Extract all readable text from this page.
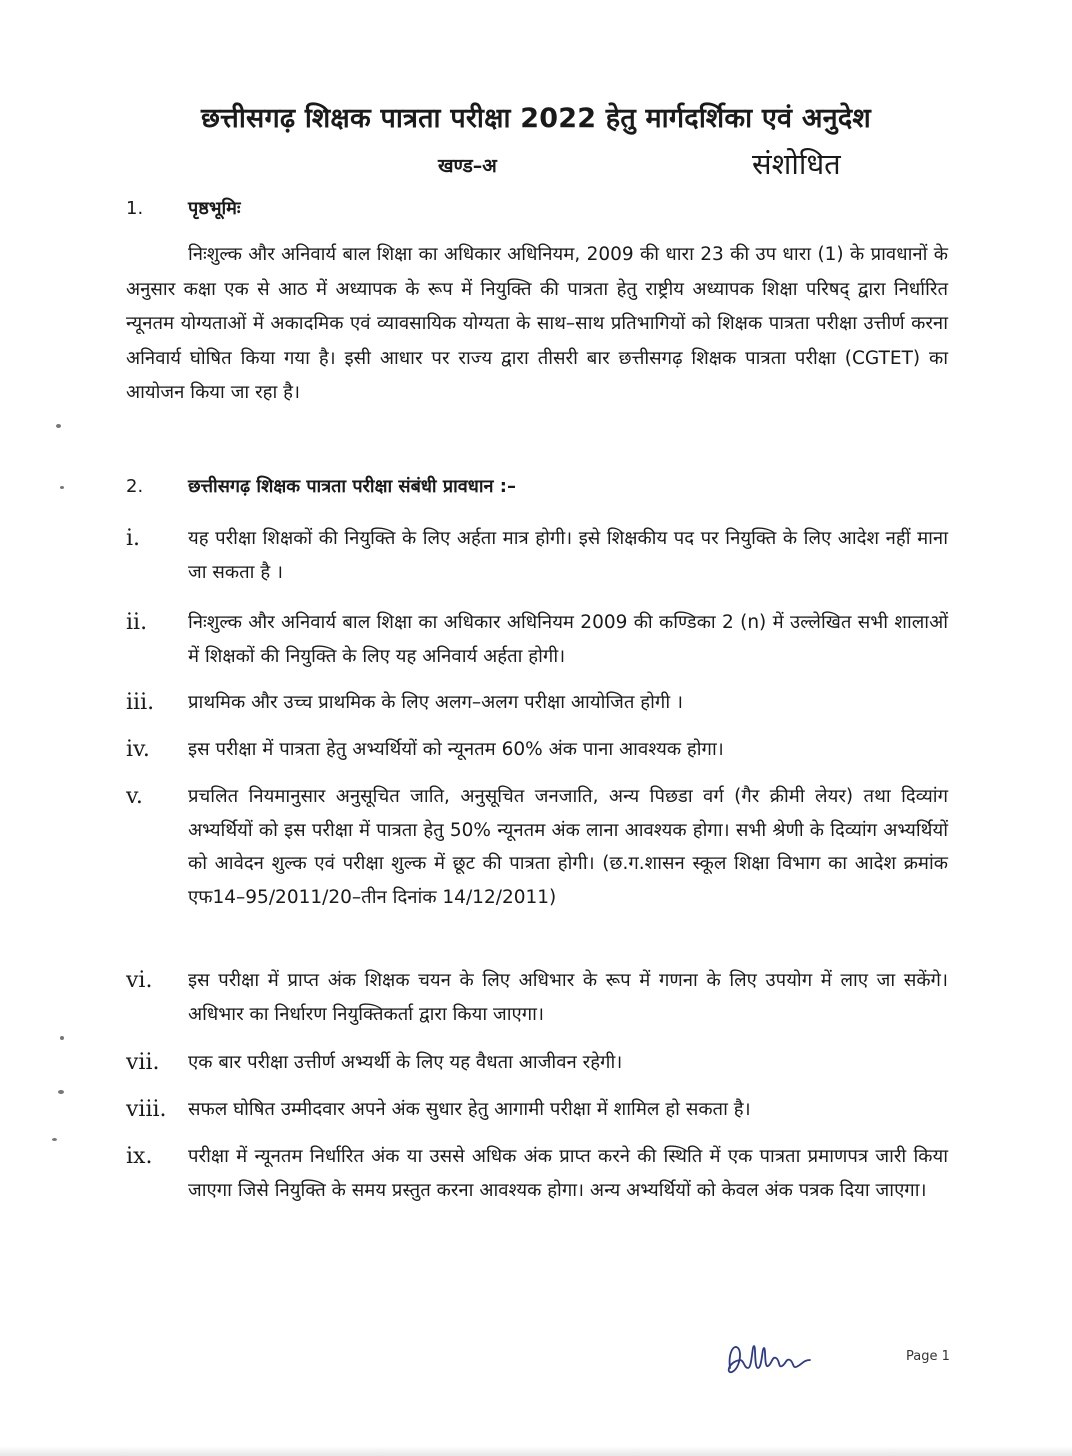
छत्तीसगढ़ शिक्षक पात्रता परीक्षा 2022 हेतु मार्गदर्शिका एवं अनुदेश
खण्ड–अ	संशोधित
1. पृष्ठभूमिः

निःशुल्क और अनिवार्य बाल शिक्षा का अधिकार अधिनियम, 2009 की धारा 23 की उप धारा (1) के प्रावधानों के अनुसार कक्षा एक से आठ में अध्यापक के रूप में नियुक्ति की पात्रता हेतु राष्ट्रीय अध्यापक शिक्षा परिषद् द्वारा निर्धारित न्यूनतम योग्यताओं में अकादमिक एवं व्यावसायिक योग्यता के साथ–साथ प्रतिभागियों को शिक्षक पात्रता परीक्षा उत्तीर्ण करना अनिवार्य घोषित किया गया है। इसी आधार पर राज्य द्वारा तीसरी बार छत्तीसगढ़ शिक्षक पात्रता परीक्षा (CGTET) का आयोजन किया जा रहा है।

2. छत्तीसगढ़ शिक्षक पात्रता परीक्षा संबंधी प्रावधान :–
i.	यह परीक्षा शिक्षकों की नियुक्ति के लिए अर्हता मात्र होगी। इसे शिक्षकीय पद पर नियुक्ति के लिए आदेश नहीं माना जा सकता है ।
ii. निःशुल्क और अनिवार्य बाल शिक्षा का अधिकार अधिनियम 2009 की कण्डिका 2 (n) में उल्लेखित सभी शालाओं में शिक्षकों की नियुक्ति के लिए यह अनिवार्य अर्हता होगी।
iii. प्राथमिक और उच्च प्राथमिक के लिए अलग–अलग परीक्षा आयोजित होगी ।
iv. इस परीक्षा में पात्रता हेतु अभ्यर्थियों को न्यूनतम 60% अंक पाना आवश्यक होगा।
v. प्रचलित नियमानुसार अनुसूचित जाति, अनुसूचित जनजाति, अन्य पिछडा वर्ग (गैर क्रीमी लेयर) तथा दिव्यांग अभ्यर्थियों को इस परीक्षा में पात्रता हेतु 50% न्यूनतम अंक लाना आवश्यक होगा। सभी श्रेणी के दिव्यांग अभ्यर्थियों को आवेदन शुल्क एवं परीक्षा शुल्क में छूट की पात्रता होगी। (छ.ग.शासन स्कूल शिक्षा विभाग का आदेश क्रमांक एफ14–95/2011/20–तीन दिनांक 14/12/2011)
vi. इस परीक्षा में प्राप्त अंक शिक्षक चयन के लिए अधिभार के रूप में गणना के लिए उपयोग में लाए जा सकेंगे। अधिभार का निर्धारण नियुक्तिकर्ता द्वारा किया जाएगा।
vii. एक बार परीक्षा उत्तीर्ण अभ्यर्थी के लिए यह वैधता आजीवन रहेगी।
viii. सफल घोषित उम्मीदवार अपने अंक सुधार हेतु आगामी परीक्षा में शामिल हो सकता है।
ix. परीक्षा में न्यूनतम निर्धारित अंक या उससे अधिक अंक प्राप्त करने की स्थिति में एक पात्रता प्रमाणपत्र जारी किया जाएगा जिसे नियुक्ति के समय प्रस्तुत करना आवश्यक होगा। अन्य अभ्यर्थियों को केवल अंक पत्रक दिया जाएगा।
Page 1
